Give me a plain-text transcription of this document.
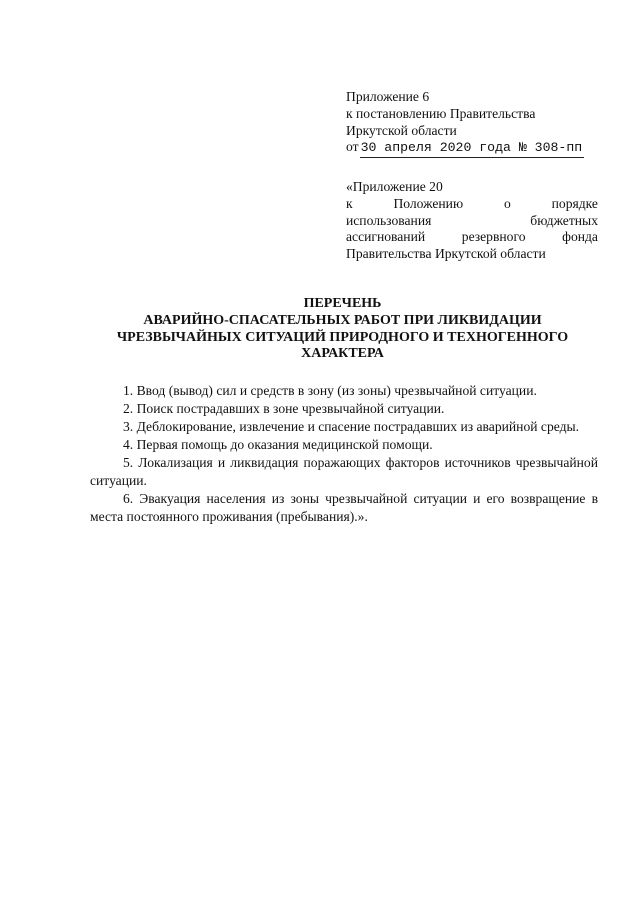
Приложение 6
к постановлению Правительства
Иркутской области
от 30 апреля 2020 года № 308-пп
«Приложение 20
к	Положению	о	порядке
использования	бюджетных
ассигнований	резервного	фонда
Правительства Иркутской области
ПЕРЕЧЕНЬ
АВАРИЙНО-СПАСАТЕЛЬНЫХ РАБОТ ПРИ ЛИКВИДАЦИИ
ЧРЕЗВЫЧАЙНЫХ СИТУАЦИЙ ПРИРОДНОГО И ТЕХНОГЕННОГО
ХАРАКТЕРА

1. Ввод (вывод) сил и средств в зону (из зоны) чрезвычайной ситуации.

2. Поиск пострадавших в зоне чрезвычайной ситуации.

3. Деблокирование, извлечение и спасение пострадавших из аварийной среды.

4. Первая помощь до оказания медицинской помощи.

5. Локализация и ликвидация поражающих факторов источников чрезвычайной ситуации.

6. Эвакуация населения из зоны чрезвычайной ситуации и его возвращение в места постоянного проживания (пребывания).».
